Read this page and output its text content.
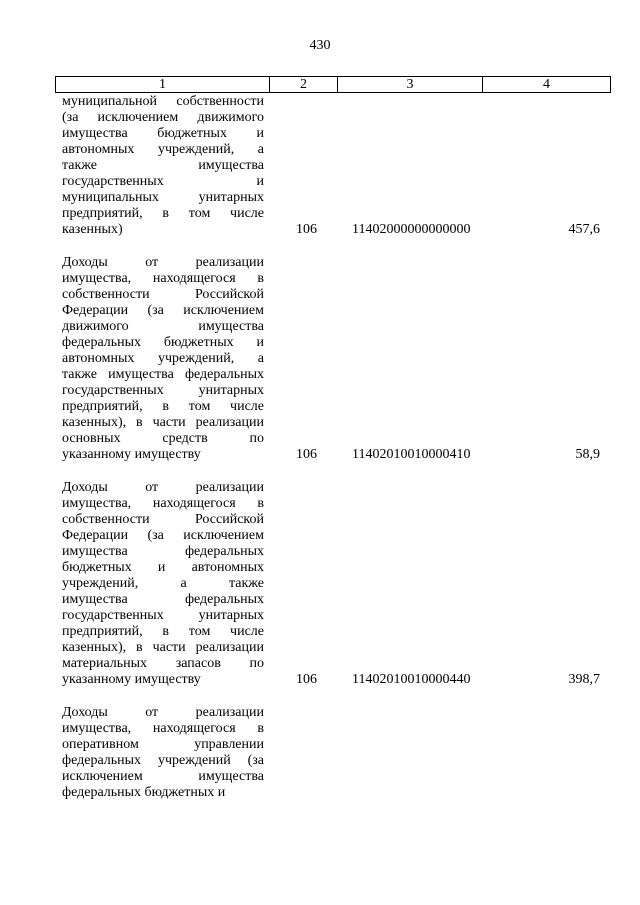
430
1	2	3	4
муниципальной собственности
(за исключением движимого
имущества бюджетных и
автономных учреждений, а
также имущества
государственных и
муниципальных унитарных
предприятий, в том числе
казенных)	106	11402000000000000	457,6
Доходы от реализации
имущества, находящегося в
собственности Российской
Федерации (за исключением
движимого имущества
федеральных бюджетных и
автономных учреждений, а
также имущества федеральных
государственных унитарных
предприятий, в том числе
казенных), в части реализации
основных средств по
указанному имуществу	106	11402010010000410	58,9
Доходы от реализации
имущества, находящегося в
собственности Российской
Федерации (за исключением
имущества федеральных
бюджетных и автономных
учреждений, а также
имущества федеральных
государственных унитарных
предприятий, в том числе
казенных), в части реализации
материальных запасов по
указанному имуществу	106	11402010010000440	398,7
Доходы от реализации
имущества, находящегося в
оперативном управлении
федеральных учреждений (за
исключением имущества
федеральных бюджетных и
